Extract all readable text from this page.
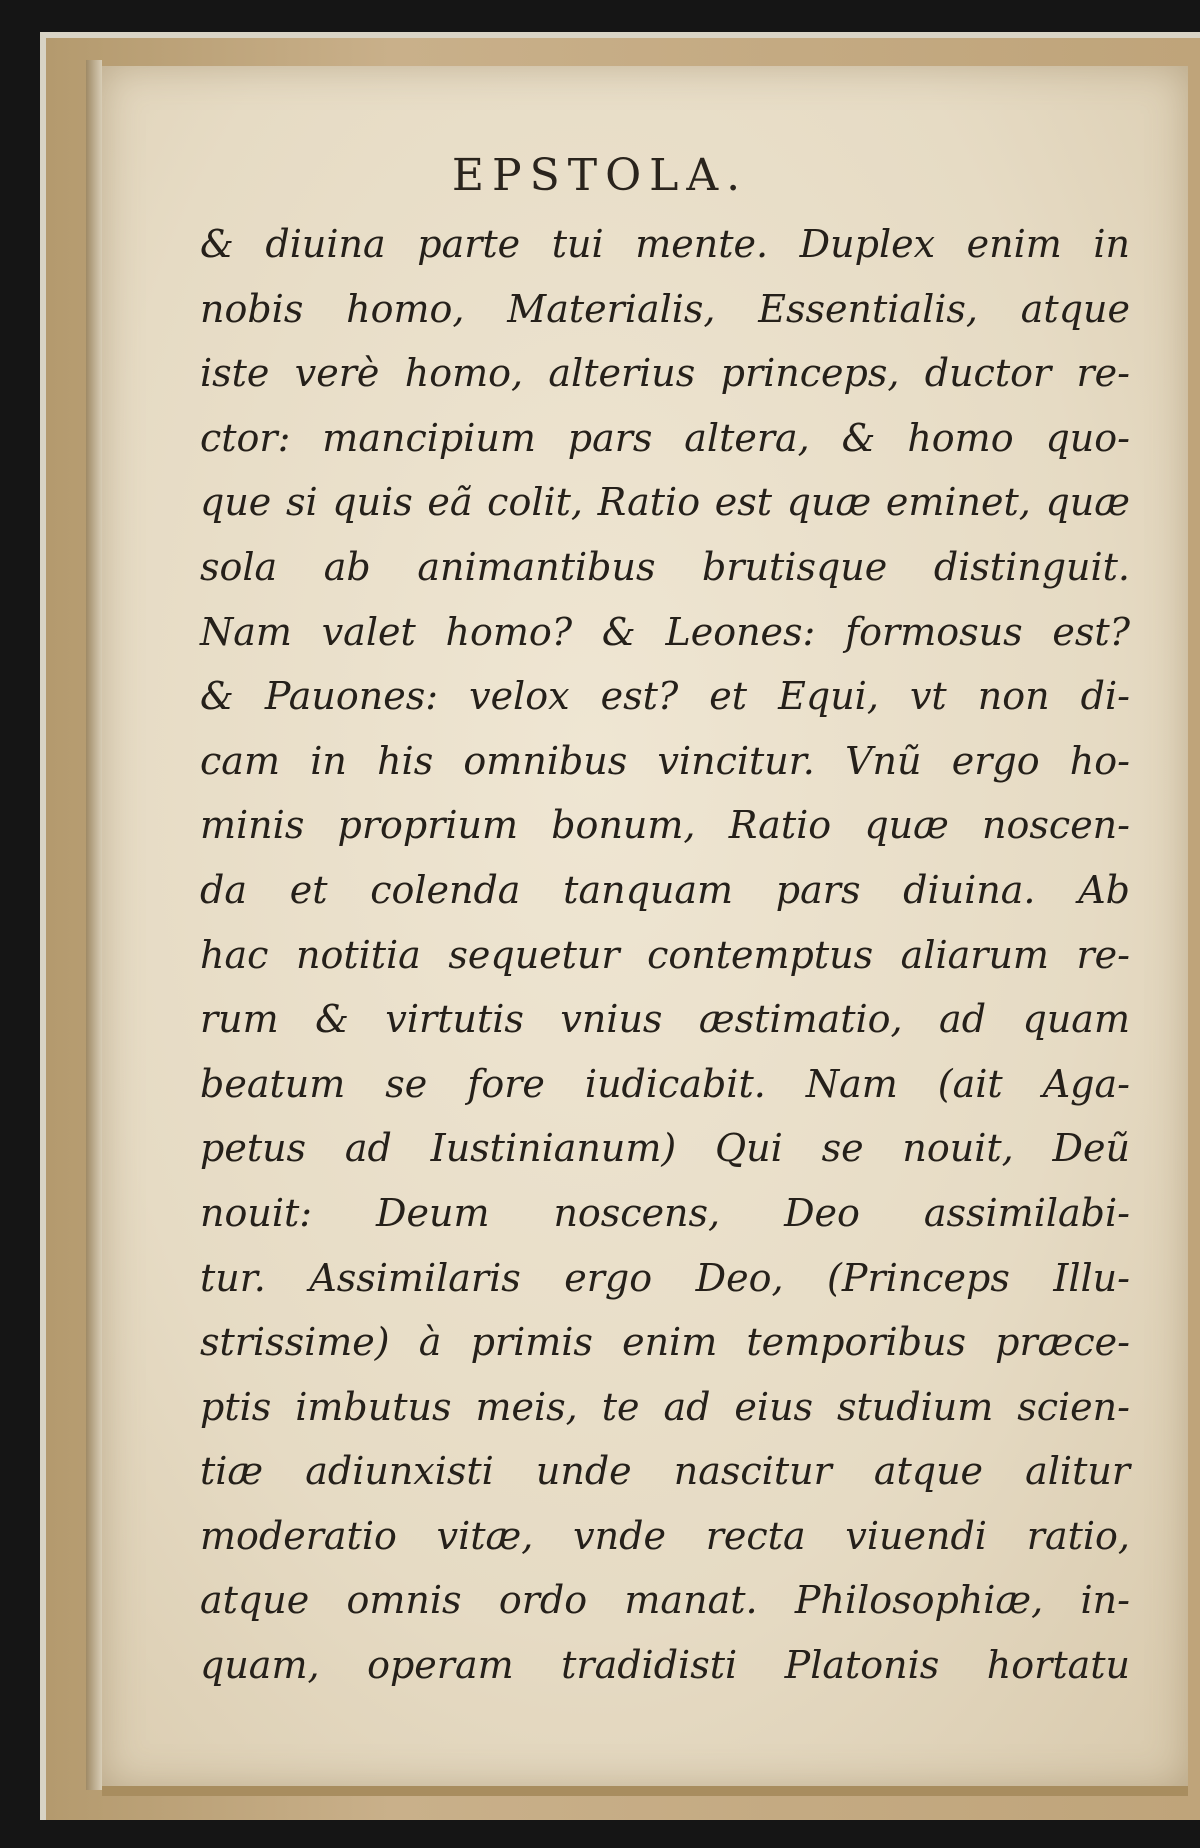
EPSTOLA.
& diuina parte tui mente. Duplex enim in
nobis homo, Materialis, Essentialis, atque
iste verè homo, alterius princeps, ductor re-
ctor: mancipium pars altera, & homo quo-
que si quis eã colit, Ratio est quæ eminet, quæ
sola ab animantibus brutisque distinguit.
Nam valet homo? & Leones: formosus est?
& Pauones: velox est? et Equi, vt non di-
cam in his omnibus vincitur. Vnũ ergo ho-
minis proprium bonum, Ratio quæ noscen-
da et colenda tanquam pars diuina. Ab
hac notitia sequetur contemptus aliarum re-
rum & virtutis vnius æstimatio, ad quam
beatum se fore iudicabit. Nam (ait Aga-
petus ad Iustinianum) Qui se nouit, Deũ
nouit: Deum noscens, Deo assimilabi-
tur. Assimilaris ergo Deo, (Princeps Illu-
strissime) à primis enim temporibus præce-
ptis imbutus meis, te ad eius studium scien-
tiæ adiunxisti unde nascitur atque alitur
moderatio vitæ, vnde recta viuendi ratio,
atque omnis ordo manat. Philosophiæ, in-
quam, operam tradidisti Platonis hortatu
